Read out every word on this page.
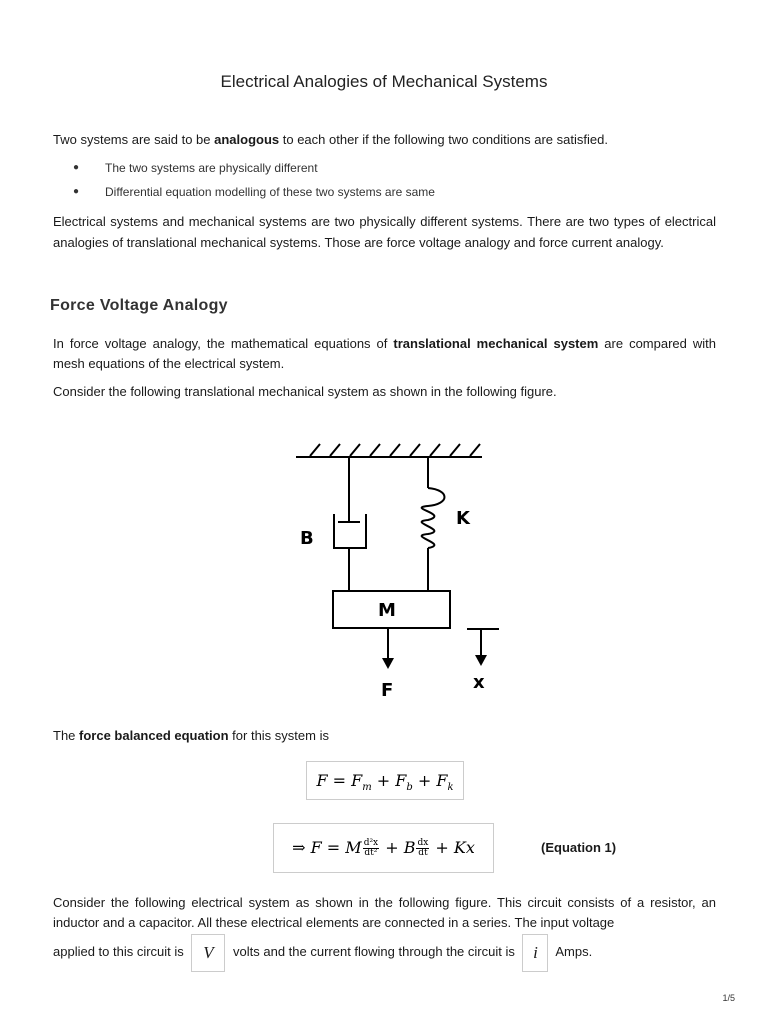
Electrical Analogies of Mechanical Systems
Two systems are said to be analogous to each other if the following two conditions are satisfied.
● The two systems are physically different
● Differential equation modelling of these two systems are same
Electrical systems and mechanical systems are two physically different systems. There are two types of electrical analogies of translational mechanical systems. Those are force voltage analogy and force current analogy.
Force Voltage Analogy
In force voltage analogy, the mathematical equations of translational mechanical system are compared with mesh equations of the electrical system.
Consider the following translational mechanical system as shown in the following figure.
B
K
M
F	x
The force balanced equation for this system is
$F = F_m + F_b + F_k$
⇒ F = M $\frac{\text{d²x}}{\text{dt²}} + B \frac{dx}{dt} + Kx$	(Equation 1)
Consider the following electrical system as shown in the following figure. This circuit consists of a resistor, an inductor and a capacitor. All these electrical elements are connected in a series. The input voltage
applied to this circuit is V volts and the current flowing through the circuit is i Amps.
1/5
